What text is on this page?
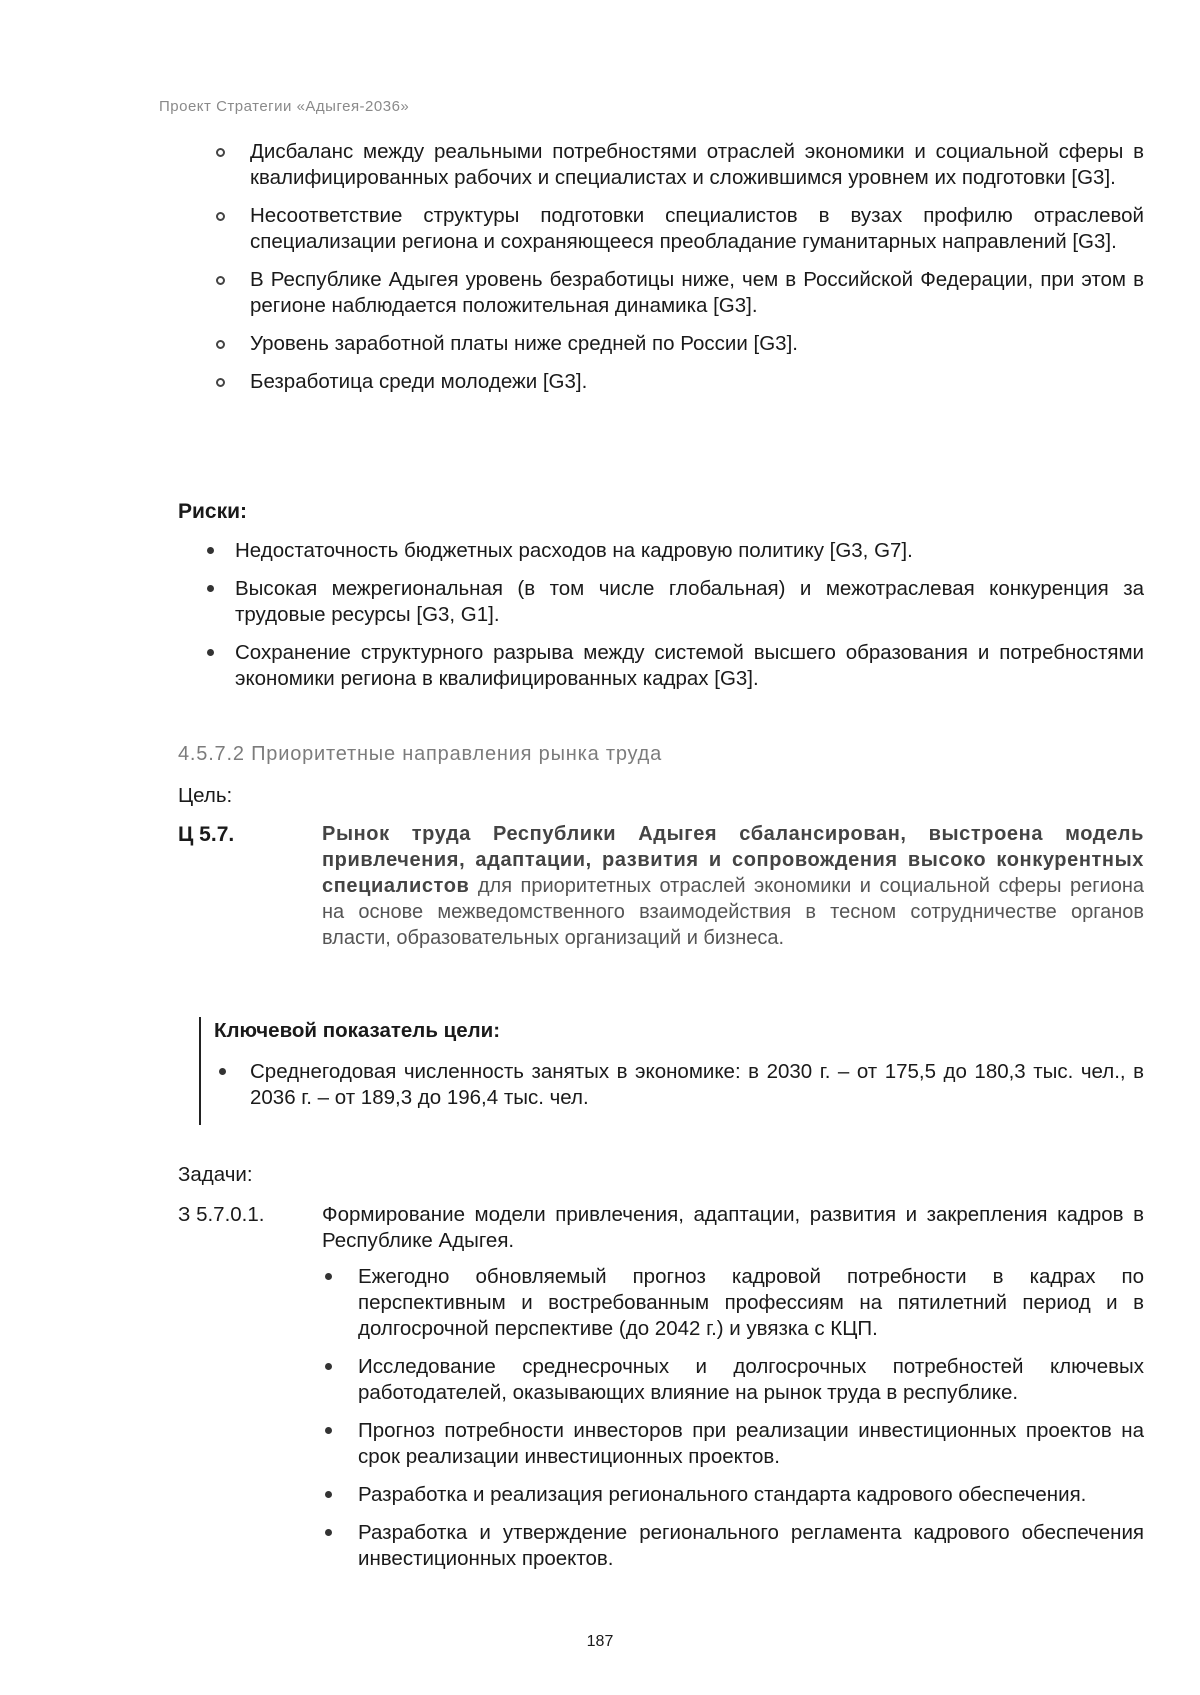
Проект Стратегии «Адыгея-2036»
Дисбаланс между реальными потребностями отраслей экономики и социальной сферы в квалифицированных рабочих и специалистах и сложившимся уровнем их подготовки [G3].
Несоответствие структуры подготовки специалистов в вузах профилю отраслевой специализации региона и сохраняющееся преобладание гуманитарных направлений [G3].
В Республике Адыгея уровень безработицы ниже, чем в Российской Федерации, при этом в регионе наблюдается положительная динамика [G3].
Уровень заработной платы ниже средней по России [G3].
Безработица среди молодежи [G3].
Риски:
Недостаточность бюджетных расходов на кадровую политику [G3, G7].
Высокая межрегиональная (в том числе глобальная) и межотраслевая конкуренция за трудовые ресурсы [G3, G1].
Сохранение структурного разрыва между системой высшего образования и потребностями экономики региона в квалифицированных кадрах [G3].
4.5.7.2 Приоритетные направления рынка труда
Цель:
Ц 5.7.	Рынок труда Республики Адыгея сбалансирован, выстроена модель привлечения, адаптации, развития и сопровождения высоко конкурентных специалистов для приоритетных отраслей экономики и социальной сферы региона на основе межведомственного взаимодействия в тесном сотрудничестве органов власти, образовательных организаций и бизнеса.
Ключевой показатель цели:
Среднегодовая численность занятых в экономике: в 2030 г. – от 175,5 до 180,3 тыс. чел., в 2036 г. – от 189,3 до 196,4 тыс. чел.
Задачи:
З 5.7.0.1.	Формирование модели привлечения, адаптации, развития и закрепления кадров в Республике Адыгея.
Ежегодно обновляемый прогноз кадровой потребности в кадрах по перспективным и востребованным профессиям на пятилетний период и в долгосрочной перспективе (до 2042 г.) и увязка с КЦП.
Исследование среднесрочных и долгосрочных потребностей ключевых работодателей, оказывающих влияние на рынок труда в республике.
Прогноз потребности инвесторов при реализации инвестиционных проектов на срок реализации инвестиционных проектов.
Разработка и реализация регионального стандарта кадрового обеспечения.
Разработка и утверждение регионального регламента кадрового обеспечения инвестиционных проектов.
187
